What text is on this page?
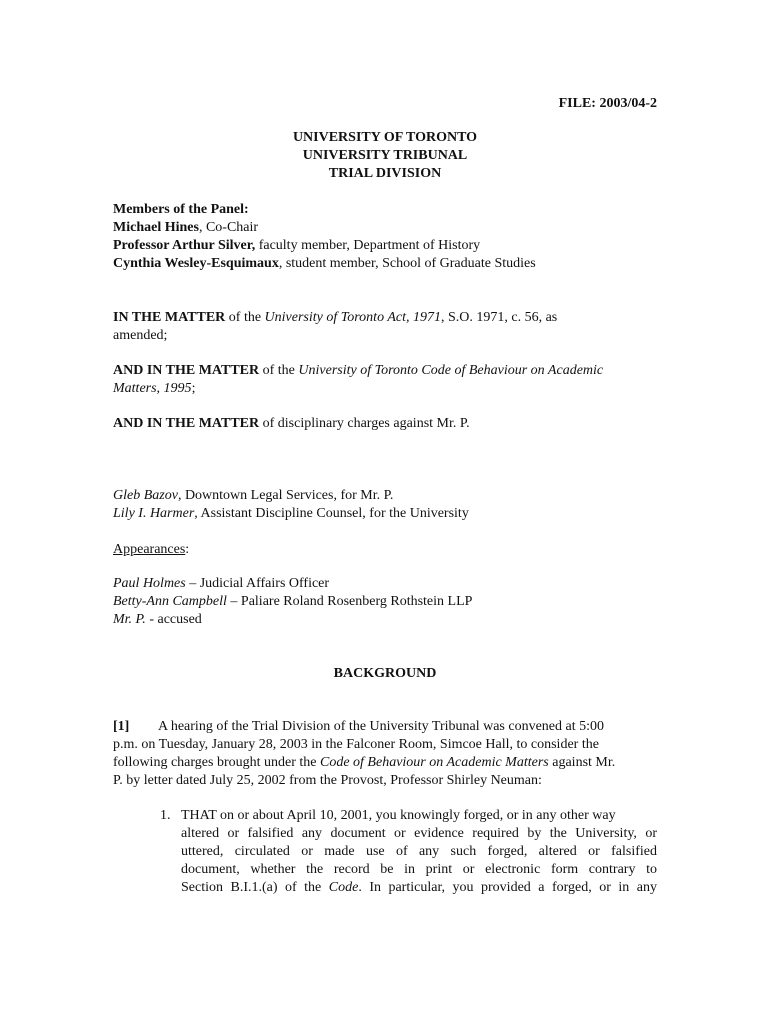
FILE: 2003/04-2

UNIVERSITY OF TORONTO

UNIVERSITY TRIBUNAL

TRIAL DIVISION

Members of the Panel:

Michael Hines, Co-Chair

Professor Arthur Silver, faculty member, Department of History

Cynthia Wesley-Esquimaux, student member, School of Graduate Studies

IN THE MATTER of the University of Toronto Act, 1971, S.O. 1971, c. 56, as

amended;

AND IN THE MATTER of the University of Toronto Code of Behaviour on Academic

Matters, 1995;

AND IN THE MATTER of disciplinary charges against Mr. P.

Gleb Bazov, Downtown Legal Services, for Mr. P.

Lily I. Harmer, Assistant Discipline Counsel, for the University

Appearances:

Paul Holmes – Judicial Affairs Officer

Betty-Ann Campbell – Paliare Roland Rosenberg Rothstein LLP

Mr. P. - accused

BACKGROUND

[1] A hearing of the Trial Division of the University Tribunal was convened at 5:00

p.m. on Tuesday, January 28, 2003 in the Falconer Room, Simcoe Hall, to consider the

following charges brought under the Code of Behaviour on Academic Matters against Mr.

P. by letter dated July 25, 2002 from the Provost, Professor Shirley Neuman:

1. THAT on or about April 10, 2001, you knowingly forged, or in any other way

altered or falsified any document or evidence required by the University, or

uttered, circulated or made use of any such forged, altered or falsified

document, whether the record be in print or electronic form contrary to

Section B.I.1.(a) of the Code. In particular, you provided a forged, or in any
